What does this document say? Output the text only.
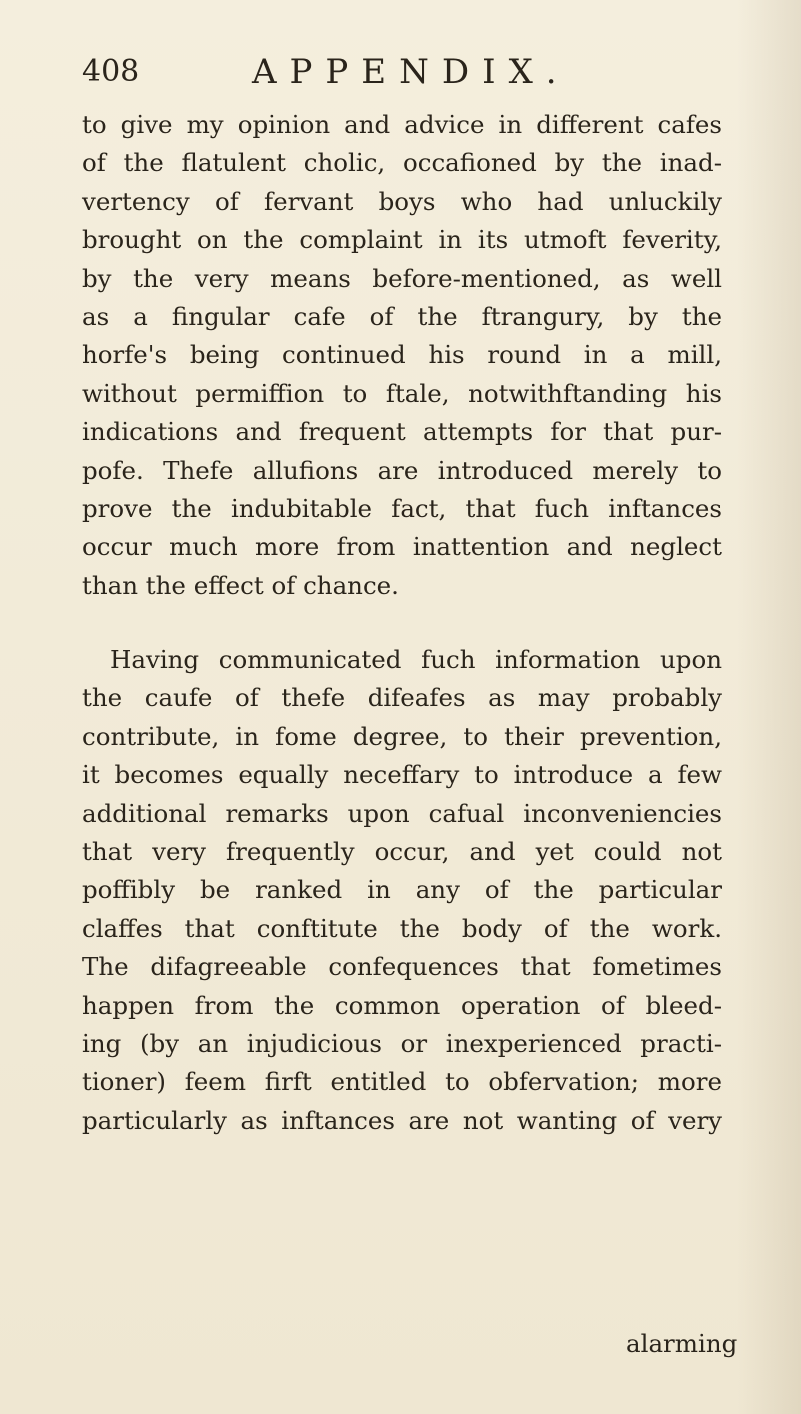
408	APPENDIX.
to give my opinion and advice in different cafes
of the flatulent cholic, occafioned by the inad-
vertency of fervant boys who had unluckily
brought on the complaint in its utmoft feverity,
by the very means before-mentioned, as well
as a fingular cafe of the ftrangury, by the
horfe's being continued his round in a mill,
without permiffion to ftale, notwithftanding his
indications and frequent attempts for that pur-
pofe. Thefe allufions are introduced merely to
prove the indubitable fact, that fuch inftances
occur much more from inattention and neglect
than the effect of chance.
Having communicated fuch information upon
the caufe of thefe difeafes as may probably
contribute, in fome degree, to their prevention,
it becomes equally neceffary to introduce a few
additional remarks upon cafual inconveniencies
that very frequently occur, and yet could not
poffibly be ranked in any of the particular
claffes that conftitute the body of the work.
The difagreeable confequences that fometimes
happen from the common operation of bleed-
ing (by an injudicious or inexperienced practi-
tioner) feem firft entitled to obfervation; more
particularly as inftances are not wanting of very
alarming
